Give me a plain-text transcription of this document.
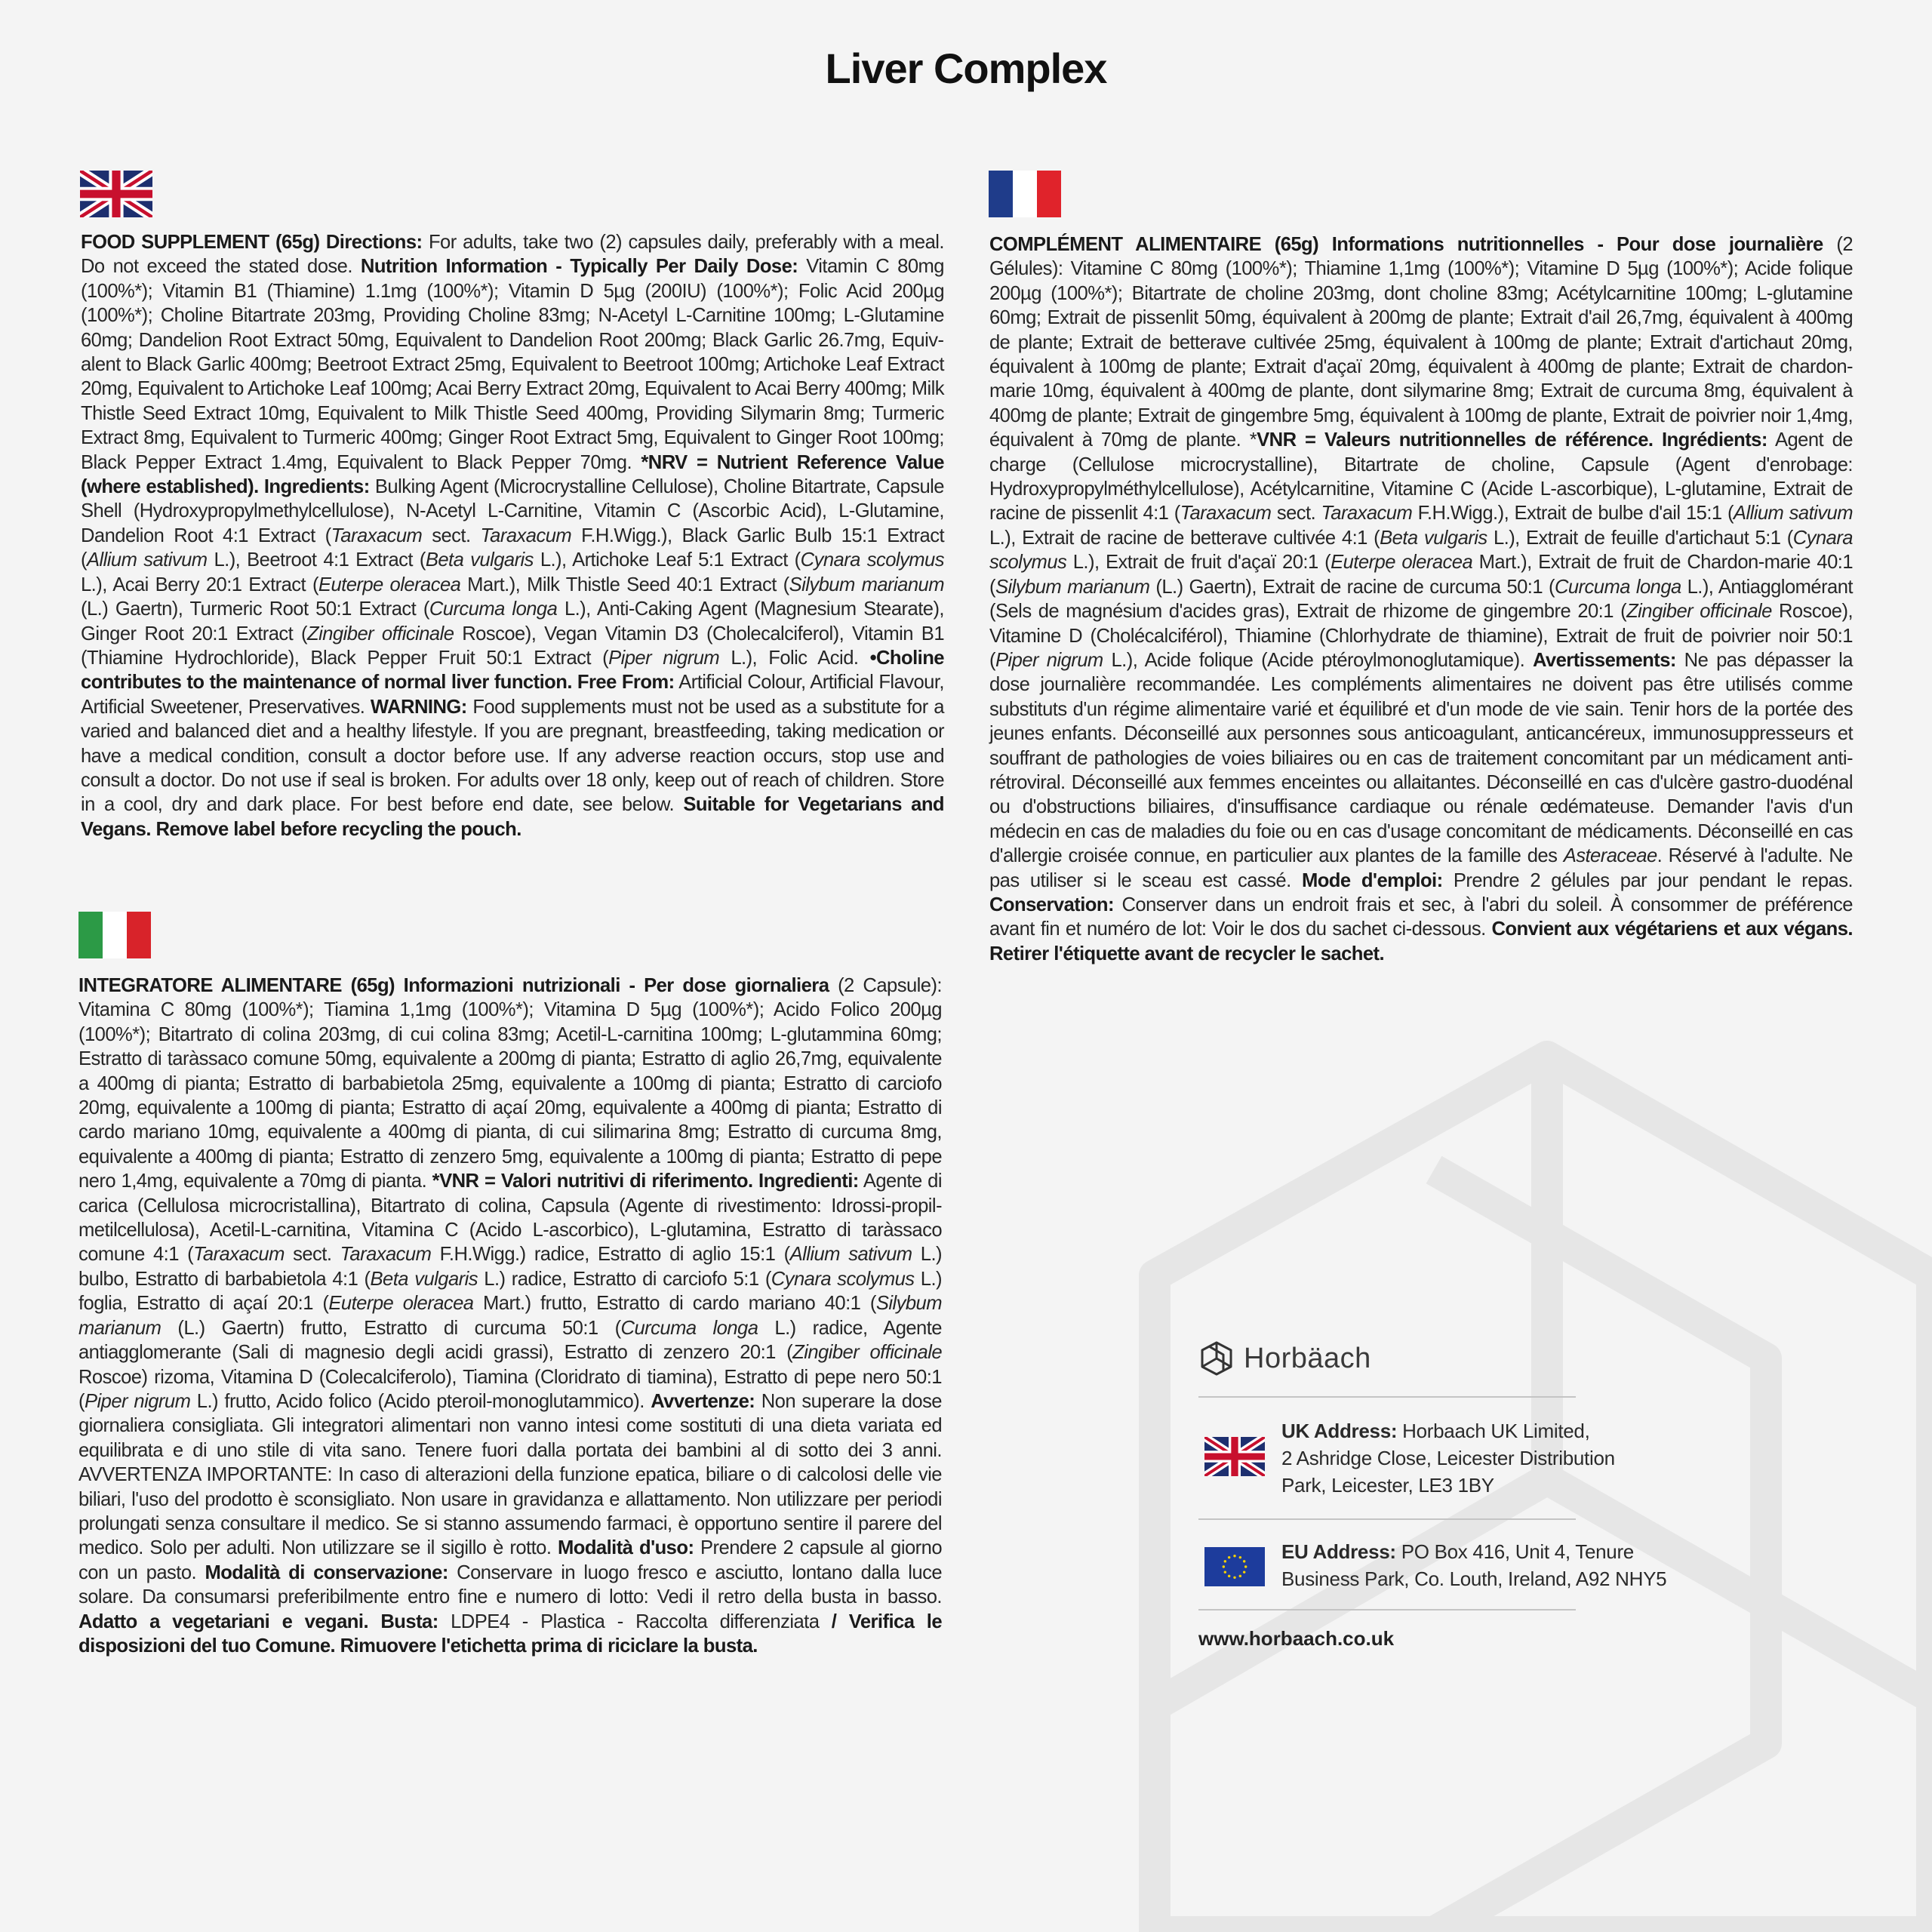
Liver Complex
FOOD SUPPLEMENT (65g) Directions: For adults, take two (2) capsules daily, preferably with a meal. Do not exceed the stated dose. Nutrition Information - Typically Per Daily Dose: Vitamin C 80mg (100%*); Vitamin B1 (Thiamine) 1.1mg (100%*); Vitamin D 5µg (200IU) (100%*); Folic Acid 200µg (100%*); Choline Bitartrate 203mg, Providing Choline 83mg; N-Acetyl L-Carnitine 100mg; L-Glutamine 60mg; Dandelion Root Extract 50mg, Equivalent to Dandelion Root 200mg; Black Garlic 26.7mg, Equivalent to Black Garlic 400mg; Beetroot Extract 25mg, Equivalent to Beetroot 100mg; Artichoke Leaf Extract 20mg, Equivalent to Artichoke Leaf 100mg; Acai Berry Extract 20mg, Equivalent to Acai Berry 400mg; Milk Thistle Seed Extract 10mg, Equivalent to Milk Thistle Seed 400mg, Providing Silymarin 8mg; Turmeric Extract 8mg, Equivalent to Turmeric 400mg; Ginger Root Extract 5mg, Equivalent to Ginger Root 100mg; Black Pepper Extract 1.4mg, Equivalent to Black Pepper 70mg. *NRV = Nutrient Reference Value (where established). Ingredients: Bulking Agent (Microcrystalline Cellulose), Choline Bitartrate, Capsule Shell (Hydroxypropylmethylcellulose), N-Acetyl L-Carnitine, Vitamin C (Ascorbic Acid), L-Glutamine, Dandelion Root 4:1 Extract (Taraxacum sect. Taraxacum F.H.Wigg.), Black Garlic Bulb 15:1 Extract (Allium sativum L.), Beetroot 4:1 Extract (Beta vulgaris L.), Artichoke Leaf 5:1 Extract (Cynara scolymus L.), Acai Berry 20:1 Extract (Euterpe oleracea Mart.), Milk Thistle Seed 40:1 Extract (Silybum marianum (L.) Gaertn), Turmeric Root 50:1 Extract (Curcuma longa L.), Anti-Caking Agent (Magnesium Stearate), Ginger Root 20:1 Extract (Zingiber officinale Roscoe), Vegan Vitamin D3 (Cholecalciferol), Vitamin B1 (Thiamine Hydrochloride), Black Pepper Fruit 50:1 Extract (Piper nigrum L.), Folic Acid. •Choline contributes to the maintenance of normal liver function. Free From: Artificial Colour, Artificial Flavour, Artificial Sweetener, Preservatives. WARNING: Food supplements must not be used as a substitute for a varied and balanced diet and a healthy lifestyle. If you are pregnant, breastfeeding, taking medication or have a medical condition, consult a doctor before use. If any adverse reaction occurs, stop use and consult a doctor. Do not use if seal is broken. For adults over 18 only, keep out of reach of children. Store in a cool, dry and dark place. For best before end date, see below. Suitable for Vegetarians and Vegans. Remove label before recycling the pouch.
COMPLÉMENT ALIMENTAIRE (65g) Informations nutritionnelles - Pour dose journalière (2 Gélules): Vitamine C 80mg (100%*); Thiamine 1,1mg (100%*); Vitamine D 5µg (100%*); Acide folique 200µg (100%*); Bitartrate de choline 203mg, dont choline 83mg; Acétylcarnitine 100mg; L-glutamine 60mg; Extrait de pissenlit 50mg, équivalent à 200mg de plante; Extrait d'ail 26,7mg, équivalent à 400mg de plante; Extrait de betterave cultivée 25mg, équivalent à 100mg de plante; Extrait d'artichaut 20mg, équivalent à 100mg de plante; Extrait d'açaï 20mg, équivalent à 400mg de plante; Extrait de chardon-marie 10mg, équivalent à 400mg de plante, dont silymarine 8mg; Extrait de curcuma 8mg, équivalent à 400mg de plante; Extrait de gingembre 5mg, équivalent à 100mg de plante, Extrait de poivrier noir 1,4mg, équivalent à 70mg de plante. *VNR = Valeurs nutritionnelles de référence. Ingrédients: Agent de charge (Cellulose microcrystalline), Bitartrate de choline, Capsule (Agent d'enrobage: Hydroxypropylméthylcellulose), Acétylcarnitine, Vitamine C (Acide L-ascorbique), L-glutamine, Extrait de racine de pissenlit 4:1 (Taraxacum sect. Taraxacum F.H.Wigg.), Extrait de bulbe d'ail 15:1 (Allium sativum L.), Extrait de racine de betterave cultivée 4:1 (Beta vulgaris L.), Extrait de feuille d'artichaut 5:1 (Cynara scolymus L.), Extrait de fruit d'açaï 20:1 (Euterpe oleracea Mart.), Extrait de fruit de Chardon-marie 40:1 (Silybum marianum (L.) Gaertn), Extrait de racine de curcuma 50:1 (Curcuma longa L.), Antiagglomérant (Sels de magnésium d'acides gras), Extrait de rhizome de gingembre 20:1 (Zingiber officinale Roscoe), Vitamine D (Cholécalciférol), Thiamine (Chlorhydrate de thiamine), Extrait de fruit de poivrier noir 50:1 (Piper nigrum L.), Acide folique (Acide ptéroylmonoglutamique). Avertissements: Ne pas dépasser la dose journalière recommandée. Les compléments alimentaires ne doivent pas être utilisés comme substituts d'un régime alimentaire varié et équilibré et d'un mode de vie sain. Tenir hors de la portée des jeunes enfants. Déconseillé aux personnes sous anticoagulant, anticancéreux, immunosuppresseurs et souffrant de pathologies de voies biliaires ou en cas de traitement concomitant par un médicament anti-rétroviral. Déconseillé aux femmes enceintes ou allaitantes. Déconseillé en cas d'ulcère gastro-duodénal ou d'obstructions biliaires, d'insuffisance cardiaque ou rénale œdémateuse. Demander l'avis d'un médecin en cas de maladies du foie ou en cas d'usage concomitant de médicaments. Déconseillé en cas d'allergie croisée connue, en particulier aux plantes de la famille des Asteraceae. Réservé à l'adulte. Ne pas utiliser si le sceau est cassé. Mode d'emploi: Prendre 2 gélules par jour pendant le repas. Conservation: Conserver dans un endroit frais et sec, à l'abri du soleil. À consommer de préférence avant fin et numéro de lot: Voir le dos du sachet ci-dessous. Convient aux végétariens et aux végans. Retirer l'étiquette avant de recycler le sachet.
INTEGRATORE ALIMENTARE (65g) Informazioni nutrizionali - Per dose giornaliera (2 Capsule): Vitamina C 80mg (100%*); Tiamina 1,1mg (100%*); Vitamina D 5µg (100%*); Acido Folico 200µg (100%*); Bitartrato di colina 203mg, di cui colina 83mg; Acetil-L-carnitina 100mg; L-glutammina 60mg; Estratto di taràssaco comune 50mg, equivalente a 200mg di pianta; Estratto di aglio 26,7mg, equivalente a 400mg di pianta; Estratto di barbabietola 25mg, equivalente a 100mg di pianta; Estratto di carciofo 20mg, equivalente a 100mg di pianta; Estratto di açaí 20mg, equivalente a 400mg di pianta; Estratto di cardo mariano 10mg, equivalente a 400mg di pianta, di cui silimarina 8mg; Estratto di curcuma 8mg, equivalente a 400mg di pianta; Estratto di zenzero 5mg, equivalente a 100mg di pianta; Estratto di pepe nero 1,4mg, equivalente a 70mg di pianta. *VNR = Valori nutritivi di riferimento. Ingredienti: Agente di carica (Cellulosa microcristallina), Bitartrato di colina, Capsula (Agente di rivestimento: Idrossi-propil-metilcellulosa), Acetil-L-carnitina, Vitamina C (Acido L-ascorbico), L-glutamina, Estratto di taràssaco comune 4:1 (Taraxacum sect. Taraxacum F.H.Wigg.) radice, Estratto di aglio 15:1 (Allium sativum L.) bulbo, Estratto di barbabietola 4:1 (Beta vulgaris L.) radice, Estratto di carciofo 5:1 (Cynara scolymus L.) foglia, Estratto di açaí 20:1 (Euterpe oleracea Mart.) frutto, Estratto di cardo mariano 40:1 (Silybum marianum (L.) Gaertn) frutto, Estratto di curcuma 50:1 (Curcuma longa L.) radice, Agente antiagglomerante (Sali di magnesio degli acidi grassi), Estratto di zenzero 20:1 (Zingiber officinale Roscoe) rizoma, Vitamina D (Colecalciferolo), Tiamina (Cloridrato di tiamina), Estratto di pepe nero 50:1 (Piper nigrum L.) frutto, Acido folico (Acido pteroil-monoglutammico). Avvertenze: Non superare la dose giornaliera consigliata. Gli integratori alimentari non vanno intesi come sostituti di una dieta variata ed equilibrata e di uno stile di vita sano. Tenere fuori dalla portata dei bambini al di sotto dei 3 anni. AVVERTENZA IMPORTANTE: In caso di alterazioni della funzione epatica, biliare o di calcolosi delle vie biliari, l'uso del prodotto è sconsigliato. Non usare in gravidanza e allattamento. Non utilizzare per periodi prolungati senza consultare il medico. Se si stanno assumendo farmaci, è opportuno sentire il parere del medico. Solo per adulti. Non utilizzare se il sigillo è rotto. Modalità d'uso: Prendere 2 capsule al giorno con un pasto. Modalità di conservazione: Conservare in luogo fresco e asciutto, lontano dalla luce solare. Da consumarsi preferibilmente entro fine e numero di lotto: Vedi il retro della busta in basso. Adatto a vegetariani e vegani. Busta: LDPE4 - Plastica - Raccolta differenziata / Verifica le disposizioni del tuo Comune. Rimuovere l'etichetta prima di riciclare la busta.
Horbäach
UK Address: Horbaach UK Limited,
2 Ashridge Close, Leicester Distribution
Park, Leicester, LE3 1BY
EU Address: PO Box 416, Unit 4, Tenure
Business Park, Co. Louth, Ireland, A92 NHY5
www.horbaach.co.uk
